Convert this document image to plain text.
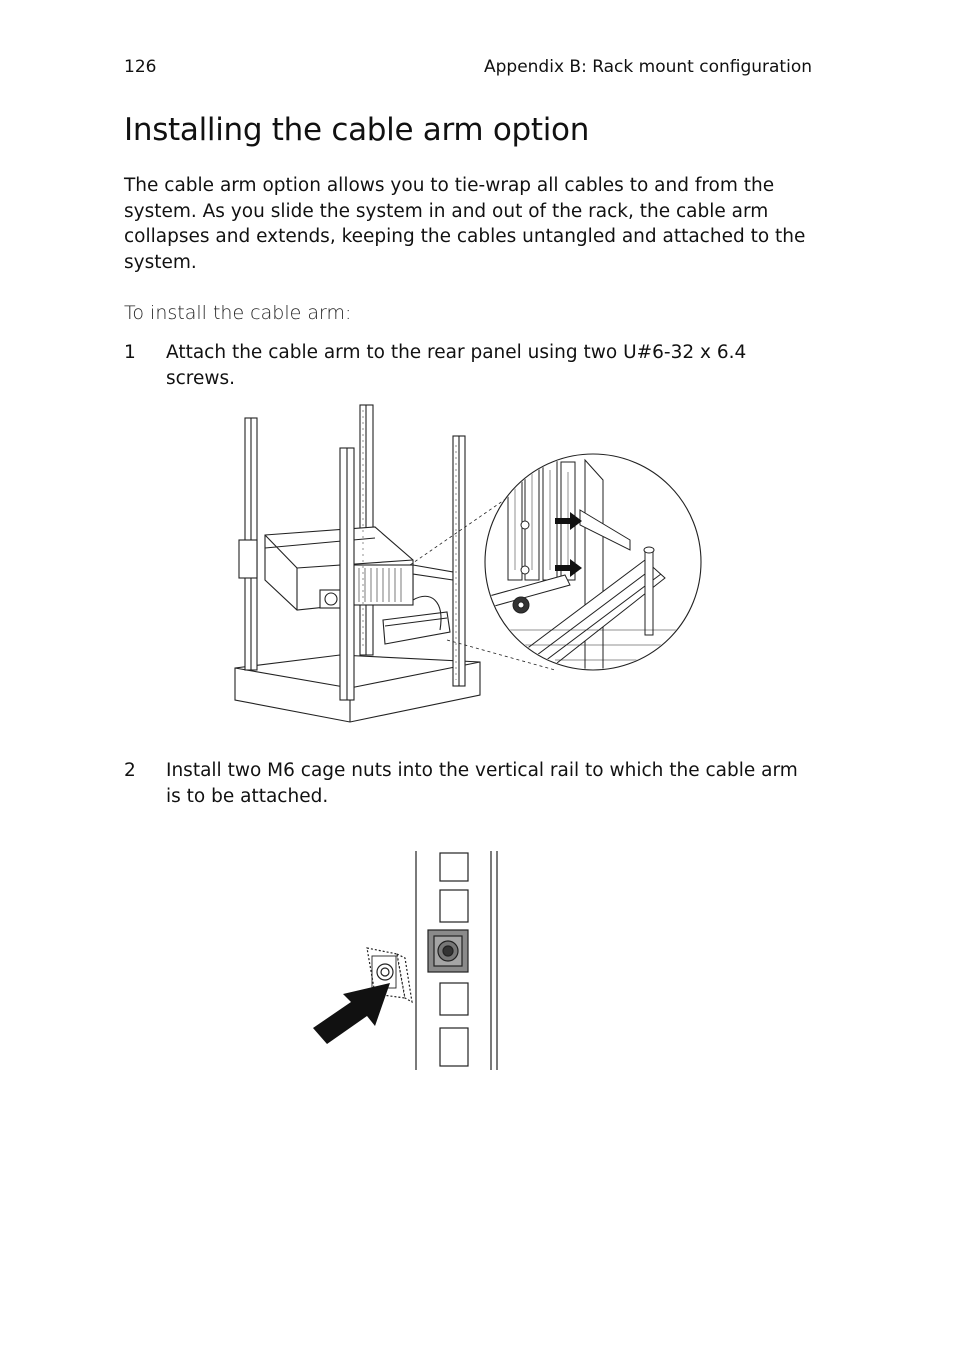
126	Appendix B: Rack mount configuration
Installing the cable arm option

The cable arm option allows you to tie-wrap all cables to and from the system. As you slide the system in and out of the rack, the cable arm collapses and extends, keeping the cables untangled and attached to the system.

To install the cable arm:

1 Attach the cable arm to the rear panel using two U#6-32 x 6.4 screws.
2 Install two M6 cage nuts into the vertical rail to which the cable arm is to be attached.
